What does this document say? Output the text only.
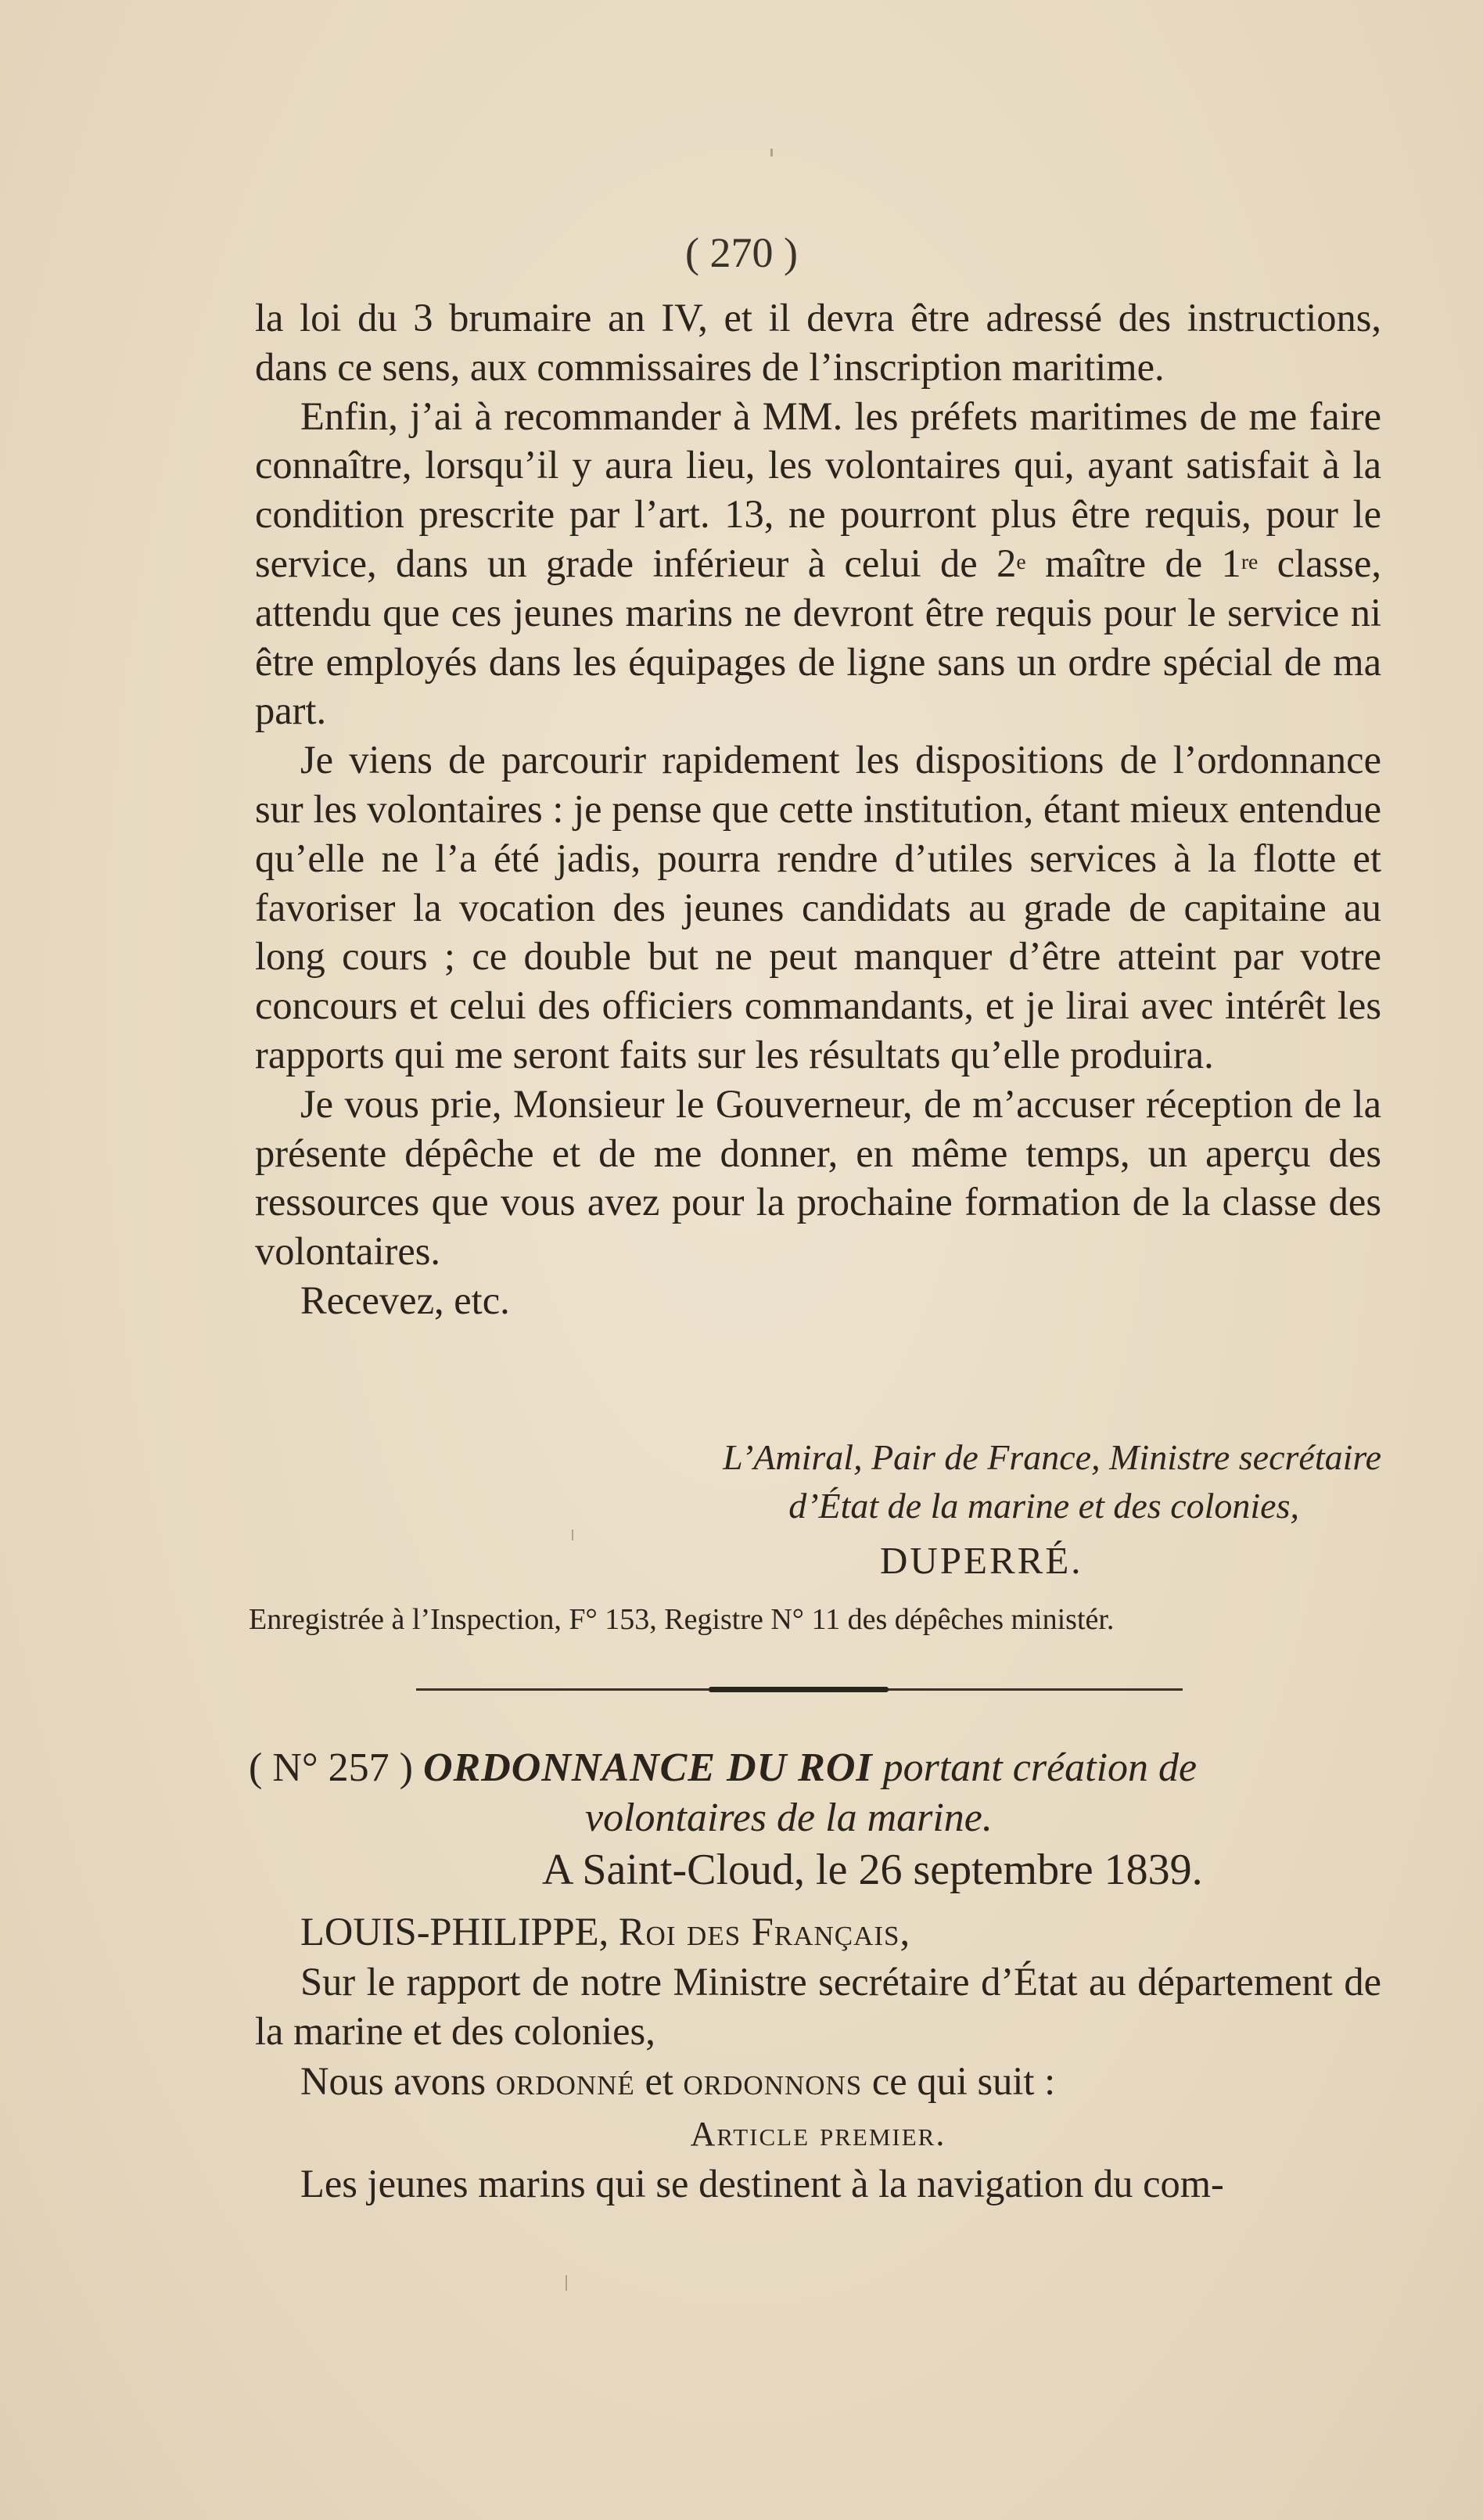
( 270 )

la loi du 3 brumaire an IV, et il devra être adressé des instructions, dans ce sens, aux commissaires de l’inscription maritime.

Enfin, j’ai à recommander à MM. les préfets maritimes de me faire connaître, lorsqu’il y aura lieu, les volontaires qui, ayant satisfait à la condition prescrite par l’art. 13, ne pourront plus être requis, pour le service, dans un grade inférieur à celui de 2e maître de 1re classe, attendu que ces jeunes marins ne devront être requis pour le service ni être employés dans les équipages de ligne sans un ordre spécial de ma part.

Je viens de parcourir rapidement les dispositions de l’ordonnance sur les volontaires : je pense que cette institution, étant mieux entendue qu’elle ne l’a été jadis, pourra rendre d’utiles services à la flotte et favoriser la vocation des jeunes candidats au grade de capitaine au long cours ; ce double but ne peut manquer d’être atteint par votre concours et celui des officiers commandants, et je lirai avec intérêt les rapports qui me seront faits sur les résultats qu’elle produira.

Je vous prie, Monsieur le Gouverneur, de m’accuser réception de la présente dépêche et de me donner, en même temps, un aperçu des ressources que vous avez pour la prochaine formation de la classe des volontaires.

Recevez, etc.

L’Amiral, Pair de France, Ministre secrétaire
d’État de la marine et des colonies,
DUPERRÉ.
Enregistrée à l’Inspection, F° 153, Registre N° 11 des dépêches ministér.
( N° 257 ) ORDONNANCE DU ROI portant création de
volontaires de la marine.
A Saint-Cloud, le 26 septembre 1839.

LOUIS-PHILIPPE, Roi des Français,

Sur le rapport de notre Ministre secrétaire d’État au département de la marine et des colonies,

Nous avons ordonné et ordonnons ce qui suit :

Article premier.

Les jeunes marins qui se destinent à la navigation du com-
